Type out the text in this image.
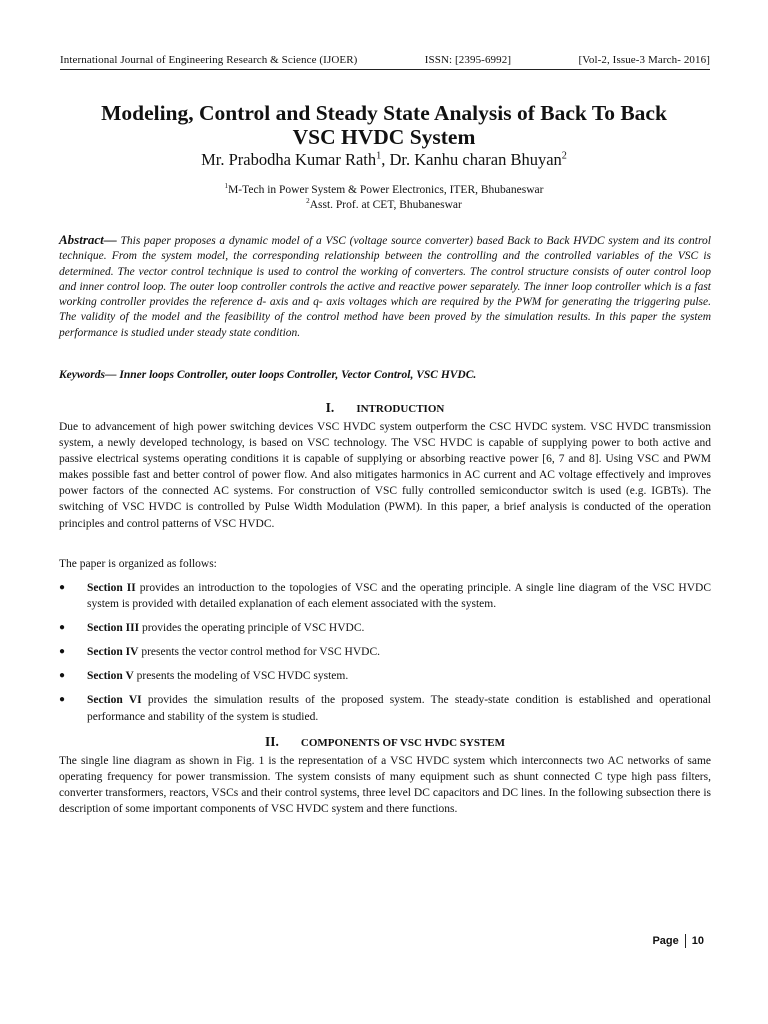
International Journal of Engineering Research & Science (IJOER)	ISSN: [2395-6992]	[Vol-2, Issue-3 March- 2016]
Modeling, Control and Steady State Analysis of Back To Back
VSC HVDC System
Mr. Prabodha Kumar Rath$^1$, Dr. Kanhu charan Bhuyan$^2$
$^1$M-Tech in Power System & Power Electronics, ITER, Bhubaneswar
$^2$Asst. Prof. at CET, Bhubaneswar
Abstract— This paper proposes a dynamic model of a VSC (voltage source converter) based Back to Back HVDC system and its control technique. From the system model, the corresponding relationship between the controlling and the controlled variables of the VSC is determined. The vector control technique is used to control the working of converters. The control structure consists of outer control loop and inner control loop. The outer loop controller controls the active and reactive power separately. The inner loop controller which is a fast working controller provides the reference d- axis and q- axis voltages which are required by the PWM for generating the triggering pulse. The validity of the model and the feasibility of the control method have been proved by the simulation results. In this paper the system performance is studied under steady state condition.
Keywords— Inner loops Controller, outer loops Controller, Vector Control, VSC HVDC.
I. INTRODUCTION
Due to advancement of high power switching devices VSC HVDC system outperform the CSC HVDC system. VSC HVDC transmission system, a newly developed technology, is based on VSC technology. The VSC HVDC is capable of supplying power to both active and passive electrical systems operating conditions it is capable of supplying or absorbing reactive power [6, 7 and 8]. Using VSC and PWM makes possible fast and better control of power flow. And also mitigates harmonics in AC current and AC voltage effectively and improves power factors of the connected AC systems. For construction of VSC fully controlled semiconductor switch is used (e.g. IGBTs). The switching of VSC HVDC is controlled by Pulse Width Modulation (PWM). In this paper, a brief analysis is conducted of the operation principles and control patterns of VSC HVDC.
The paper is organized as follows:
●	Section II provides an introduction to the topologies of VSC and the operating principle. A single line diagram of the VSC HVDC system is provided with detailed explanation of each element associated with the system.
●	Section III provides the operating principle of VSC HVDC.
●	Section IV presents the vector control method for VSC HVDC.
●	Section V presents the modeling of VSC HVDC system.
●	Section VI provides the simulation results of the proposed system. The steady-state condition is established and operational performance and stability of the system is studied.
II. COMPONENTS OF VSC HVDC SYSTEM
The single line diagram as shown in Fig. 1 is the representation of a VSC HVDC system which interconnects two AC networks of same operating frequency for power transmission. The system consists of many equipment such as shunt connected C type high pass filters, converter transformers, reactors, VSCs and their control systems, three level DC capacitors and DC lines. In the following subsection there is description of some important components of VSC HVDC system and there functions.
Page 10
